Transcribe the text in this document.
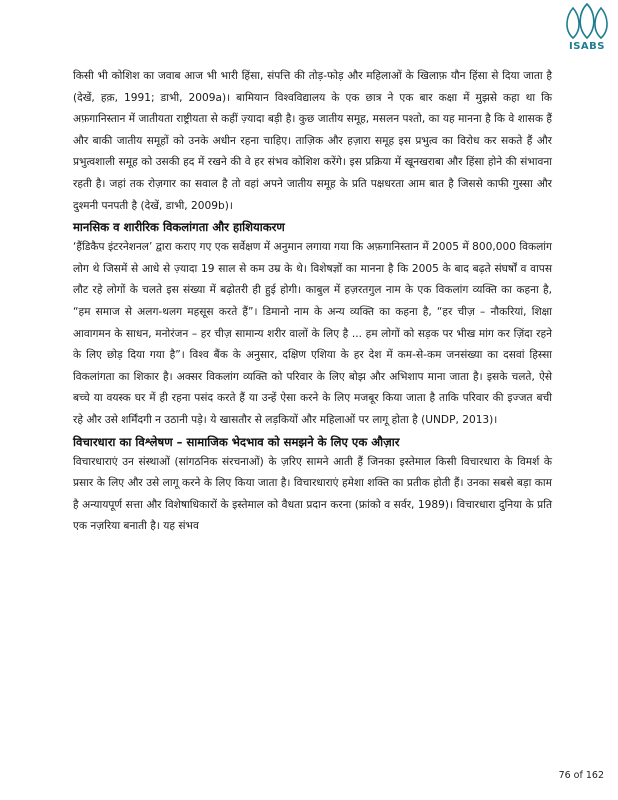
ISABS

किसी भी कोशिश का जवाब आज भी भारी हिंसा, संपत्ति की तोड़-फोड़ और महिलाओं के खिलाफ़ यौन हिंसा से दिया जाता है (देखें, हक़, 1991; डाभी, 2009a)। बामियान विश्वविद्यालय के एक छात्र ने एक बार कक्षा में मुझसे कहा था कि अफ़गानिस्तान में जातीयता राष्ट्रीयता से कहीं ज़्यादा बड़ी है। कुछ जातीय समूह, मसलन पश्तो, का यह मानना है कि वे शासक हैं और बाकी जातीय समूहों को उनके अधीन रहना चाहिए। ताज़िक और हज़ारा समूह इस प्रभुत्व का विरोध कर सकते हैं और प्रभुत्वशाली समूह को उसकी हद में रखने की वे हर संभव कोशिश करेंगे। इस प्रक्रिया में खूनखराबा और हिंसा होने की संभावना रहती है। जहां तक रोज़गार का सवाल है तो वहां अपने जातीय समूह के प्रति पक्षधरता आम बात है जिससे काफी गुस्सा और दुश्मनी पनपती है (देखें, डाभी, 2009b)।

मानसिक व शारीरिक विकलांगता और हाशियाकरण

‘हैंडिकैप इंटरनेशनल’ द्वारा कराए गए एक सर्वेक्षण में अनुमान लगाया गया कि अफ़गानिस्तान में 2005 में 800,000 विकलांग लोग थे जिसमें से आधे से ज़्यादा 19 साल से कम उम्र के थे। विशेषज्ञों का मानना है कि 2005 के बाद बढ़ते संघर्षों व वापस लौट रहे लोगों के चलते इस संख्या में बढ़ोतरी ही हुई होगी। काबुल में हज़रतगुल नाम के एक विकलांग व्यक्ति का कहना है, “हम समाज से अलग-थलग महसूस करते हैं”। डिमानो नाम के अन्य व्यक्ति का कहना है, “हर चीज़ – नौकरियां, शिक्षा आवागमन के साधन, मनोरंजन – हर चीज़ सामान्य शरीर वालों के लिए है ... हम लोगों को सड़क पर भीख मांग कर ज़िंदा रहने के लिए छोड़ दिया गया है”। विश्व बैंक के अनुसार, दक्षिण एशिया के हर देश में कम-से-कम जनसंख्या का दसवां हिस्सा विकलांगता का शिकार है। अक्सर विकलांग व्यक्ति को परिवार के लिए बोझ और अभिशाप माना जाता है। इसके चलते, ऐसे बच्चे या वयस्क घर में ही रहना पसंद करते हैं या उन्हें ऐसा करने के लिए मजबूर किया जाता है ताकि परिवार की इज्जत बची रहे और उसे शर्मिंदगी न उठानी पड़े। ये खासतौर से लड़कियों और महिलाओं पर लागू होता है (UNDP, 2013)।

विचारधारा का विश्लेषण – सामाजिक भेदभाव को समझने के लिए एक औज़ार

विचारधाराएं उन संस्थाओं (सांगठनिक संरचनाओं) के ज़रिए सामने आती हैं जिनका इस्तेमाल किसी विचारधारा के विमर्श के प्रसार के लिए और उसे लागू करने के लिए किया जाता है। विचारधाराएं हमेशा शक्ति का प्रतीक होती हैं। उनका सबसे बड़ा काम है अन्यायपूर्ण सत्ता और विशेषाधिकारों के इस्तेमाल को वैधता प्रदान करना (फ्रांको व सर्वर, 1989)। विचारधारा दुनिया के प्रति एक नज़रिया बनाती है। यह संभव

76 of 162
